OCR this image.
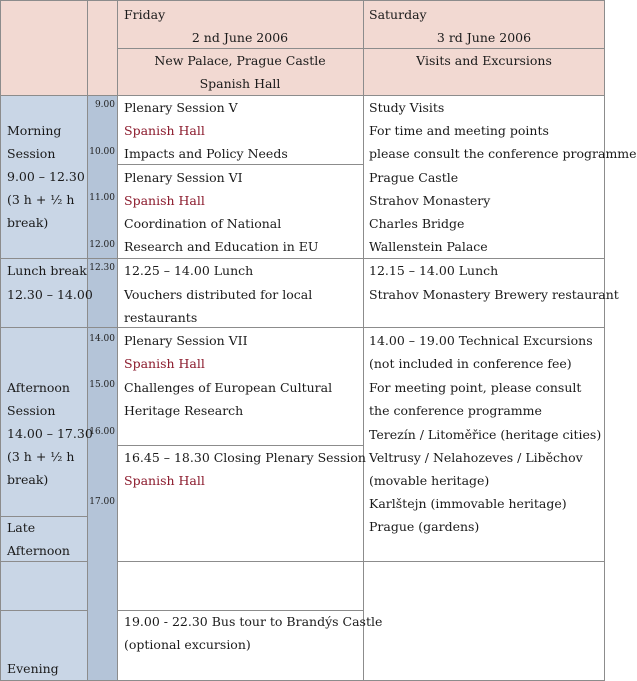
Friday
2 nd June 2006
New Palace, Prague Castle
Spanish Hall
Saturday
3 rd June 2006
Visits and Excursions
Morning
Session
9.00 – 12.30
(3 h + ½ h
break)
Lunch break
12.30 – 14.00
Afternoon
Session
14.00 – 17.30
(3 h + ½ h
break)
Late
Afternoon
Evening
9.00
10.00
11.00
12.00
12.30
14.00
15.00
16.00
17.00
Plenary Session V
Spanish Hall
Impacts and Policy Needs
Plenary Session VI
Spanish Hall
Coordination of National
Research and Education in EU
12.25 – 14.00 Lunch
Vouchers distributed for local
restaurants
Plenary Session VII
Spanish Hall
Challenges of European Cultural
Heritage Research
16.45 – 18.30 Closing Plenary Session
Spanish Hall
19.00 - 22.30 Bus tour to Brandýs Castle
(optional excursion)
Study Visits
For time and meeting points
please consult the conference programme
Prague Castle
Strahov Monastery
Charles Bridge
Wallenstein Palace
12.15 – 14.00 Lunch
Strahov Monastery Brewery restaurant
14.00 – 19.00 Technical Excursions
(not included in conference fee)
For meeting point, please consult
the conference programme
Terezín / Litoměřice (heritage cities)
Veltrusy / Nelahozeves / Liběchov
(movable heritage)
Karlštejn (immovable heritage)
Prague (gardens)
